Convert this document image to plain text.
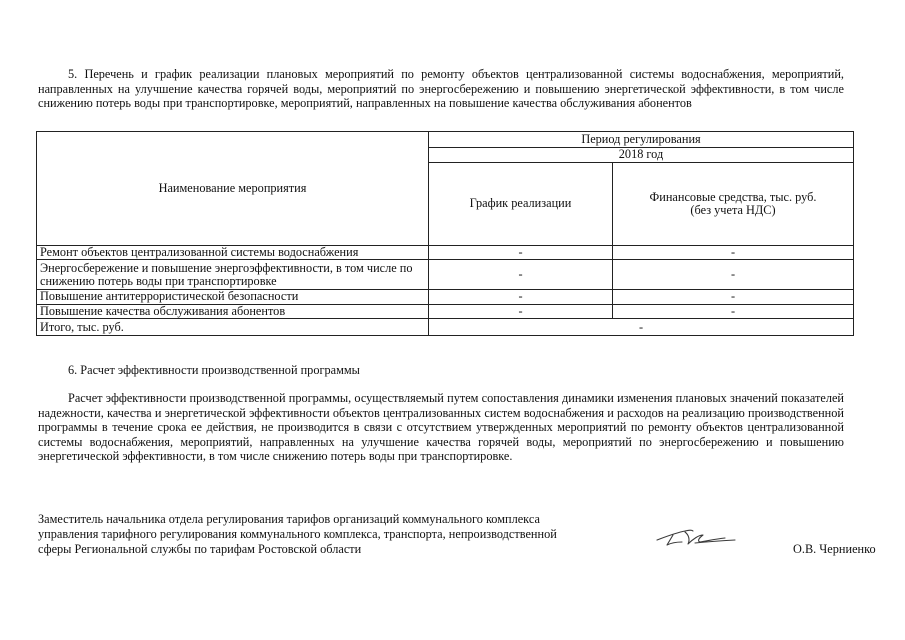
5. Перечень и график реализации плановых мероприятий по ремонту объектов централизованной системы водоснабжения, мероприятий, направленных на улучшение качества горячей воды, мероприятий по энергосбережению и повышению энергетической эффективности, в том числе снижению потерь воды при транспортировке, мероприятий, направленных на повышение качества обслуживания абонентов
Наименование мероприятия	Период регулирования	
	2018 год	
	График реализации	Финансовые средства, тыс. руб.
(без учета НДС)

Ремонт объектов централизованной системы водоснабжения	-	-
Энергосбережение и повышение энергоэффективности, в том числе по снижению потерь воды при транспортировке	-	-
Повышение антитеррористической безопасности	-	-
Повышение качества обслуживания абонентов	-	-
Итого, тыс. руб.	-	
6. Расчет эффективности производственной программы
Расчет эффективности производственной программы, осуществляемый путем сопоставления динамики изменения плановых значений показателей надежности, качества и энергетической эффективности объектов централизованных систем водоснабжения и расходов на реализацию производственной программы в течение срока ее действия, не производится в связи с отсутствием утвержденных мероприятий по ремонту объектов централизованной системы водоснабжения, мероприятий, направленных на улучшение качества горячей воды, мероприятий по энергосбережению и повышению энергетической эффективности, в том числе снижению потерь воды при транспортировке.
Заместитель начальника отдела регулирования тарифов организаций коммунального комплекса
управления тарифного регулирования коммунального комплекса, транспорта, непроизводственной
сферы Региональной службы по тарифам Ростовской области	О.В. Черниенко
